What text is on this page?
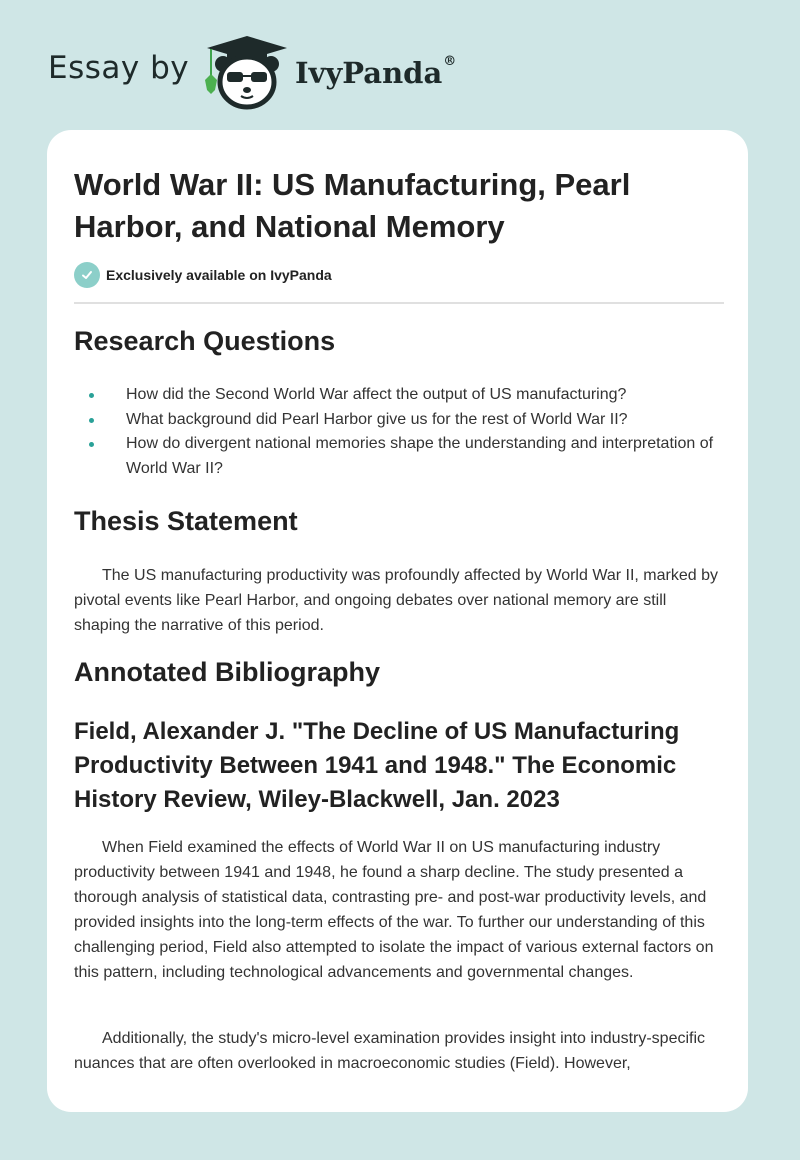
Essay by	IvyPanda®
World War II: US Manufacturing, Pearl Harbor, and National Memory
Exclusively available on IvyPanda
Research Questions
How did the Second World War affect the output of US manufacturing?
What background did Pearl Harbor give us for the rest of World War II?
How do divergent national memories shape the understanding and interpretation of World War II?
Thesis Statement

The US manufacturing productivity was profoundly affected by World War II, marked by pivotal events like Pearl Harbor, and ongoing debates over national memory are still shaping the narrative of this period.

Annotated Bibliography
Field, Alexander J. "The Decline of US Manufacturing Productivity Between 1941 and 1948." The Economic History Review, Wiley-Blackwell, Jan. 2023

When Field examined the effects of World War II on US manufacturing industry productivity between 1941 and 1948, he found a sharp decline. The study presented a thorough analysis of statistical data, contrasting pre- and post-war productivity levels, and provided insights into the long-term effects of the war. To further our understanding of this challenging period, Field also attempted to isolate the impact of various external factors on this pattern, including technological advancements and governmental changes.

Additionally, the study's micro-level examination provides insight into industry-specific nuances that are often overlooked in macroeconomic studies (Field). However,
